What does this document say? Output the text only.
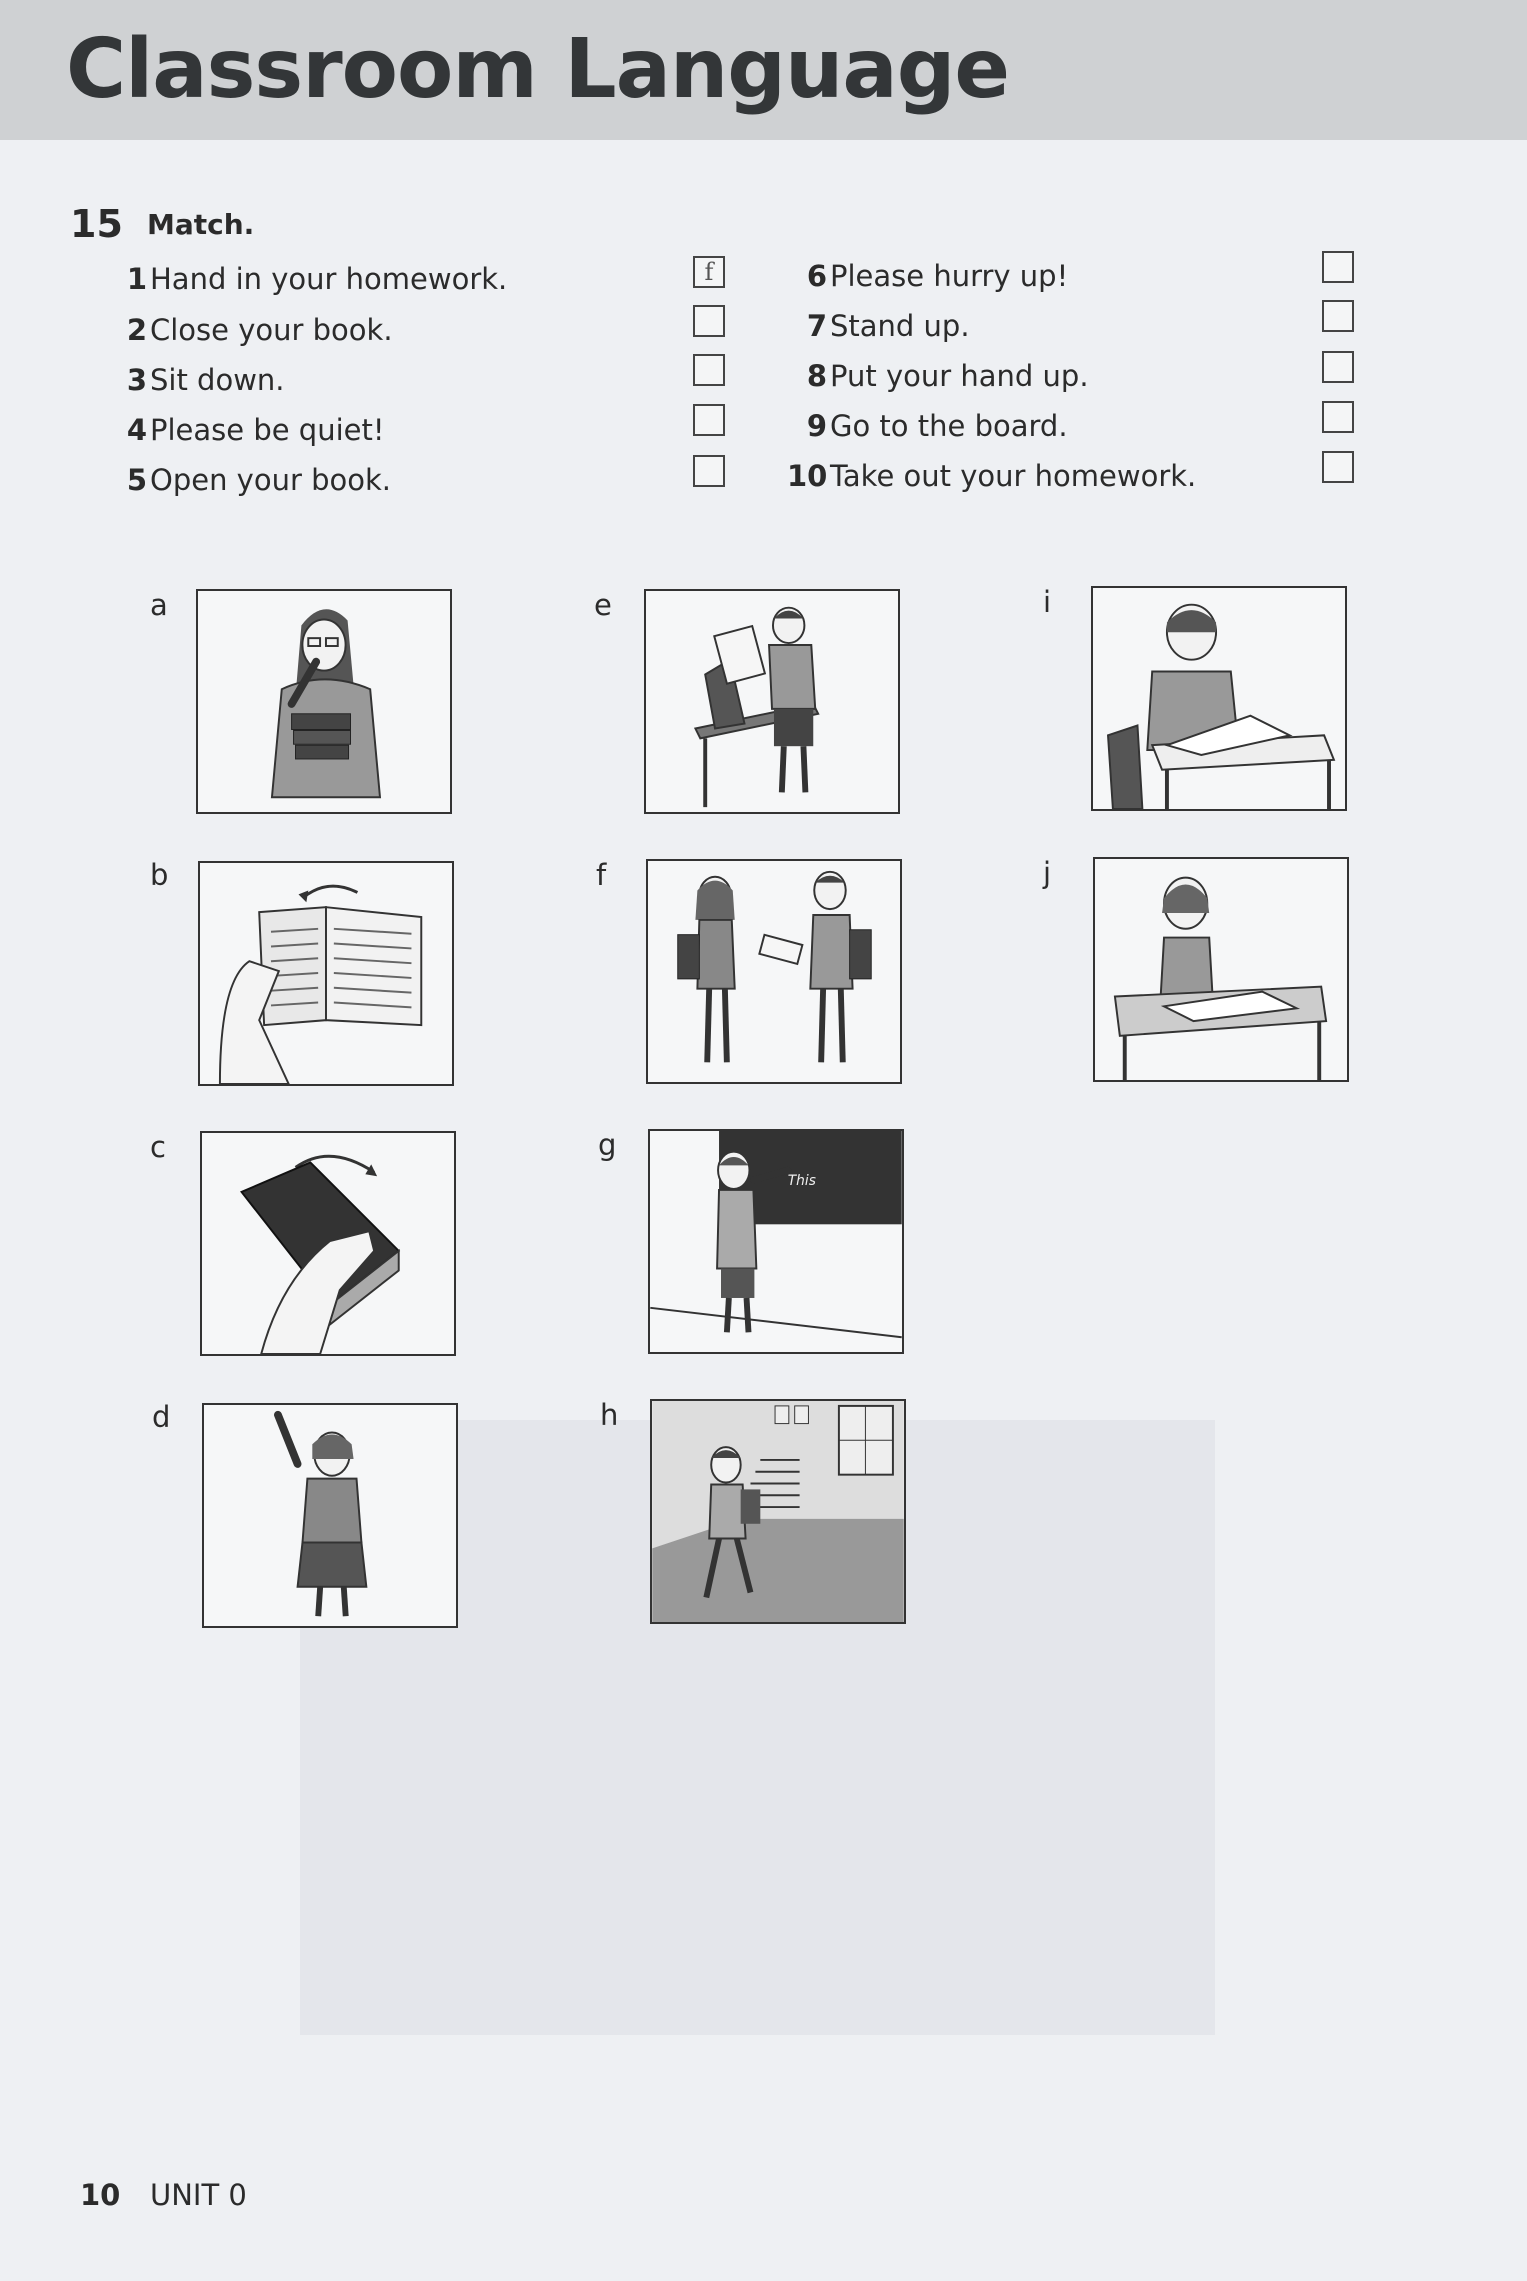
Classroom Language
15 Match.
1 Hand in your homework.	f
2 Close your book.
3 Sit down.
4 Please be quiet!
5 Open your book.
6 Please hurry up!
7 Stand up.
8 Put your hand up.
9 Go to the board.
10 Take out your homework.
a
b
c
d
e
f
g
h
i
j
This
10 UNIT 0
